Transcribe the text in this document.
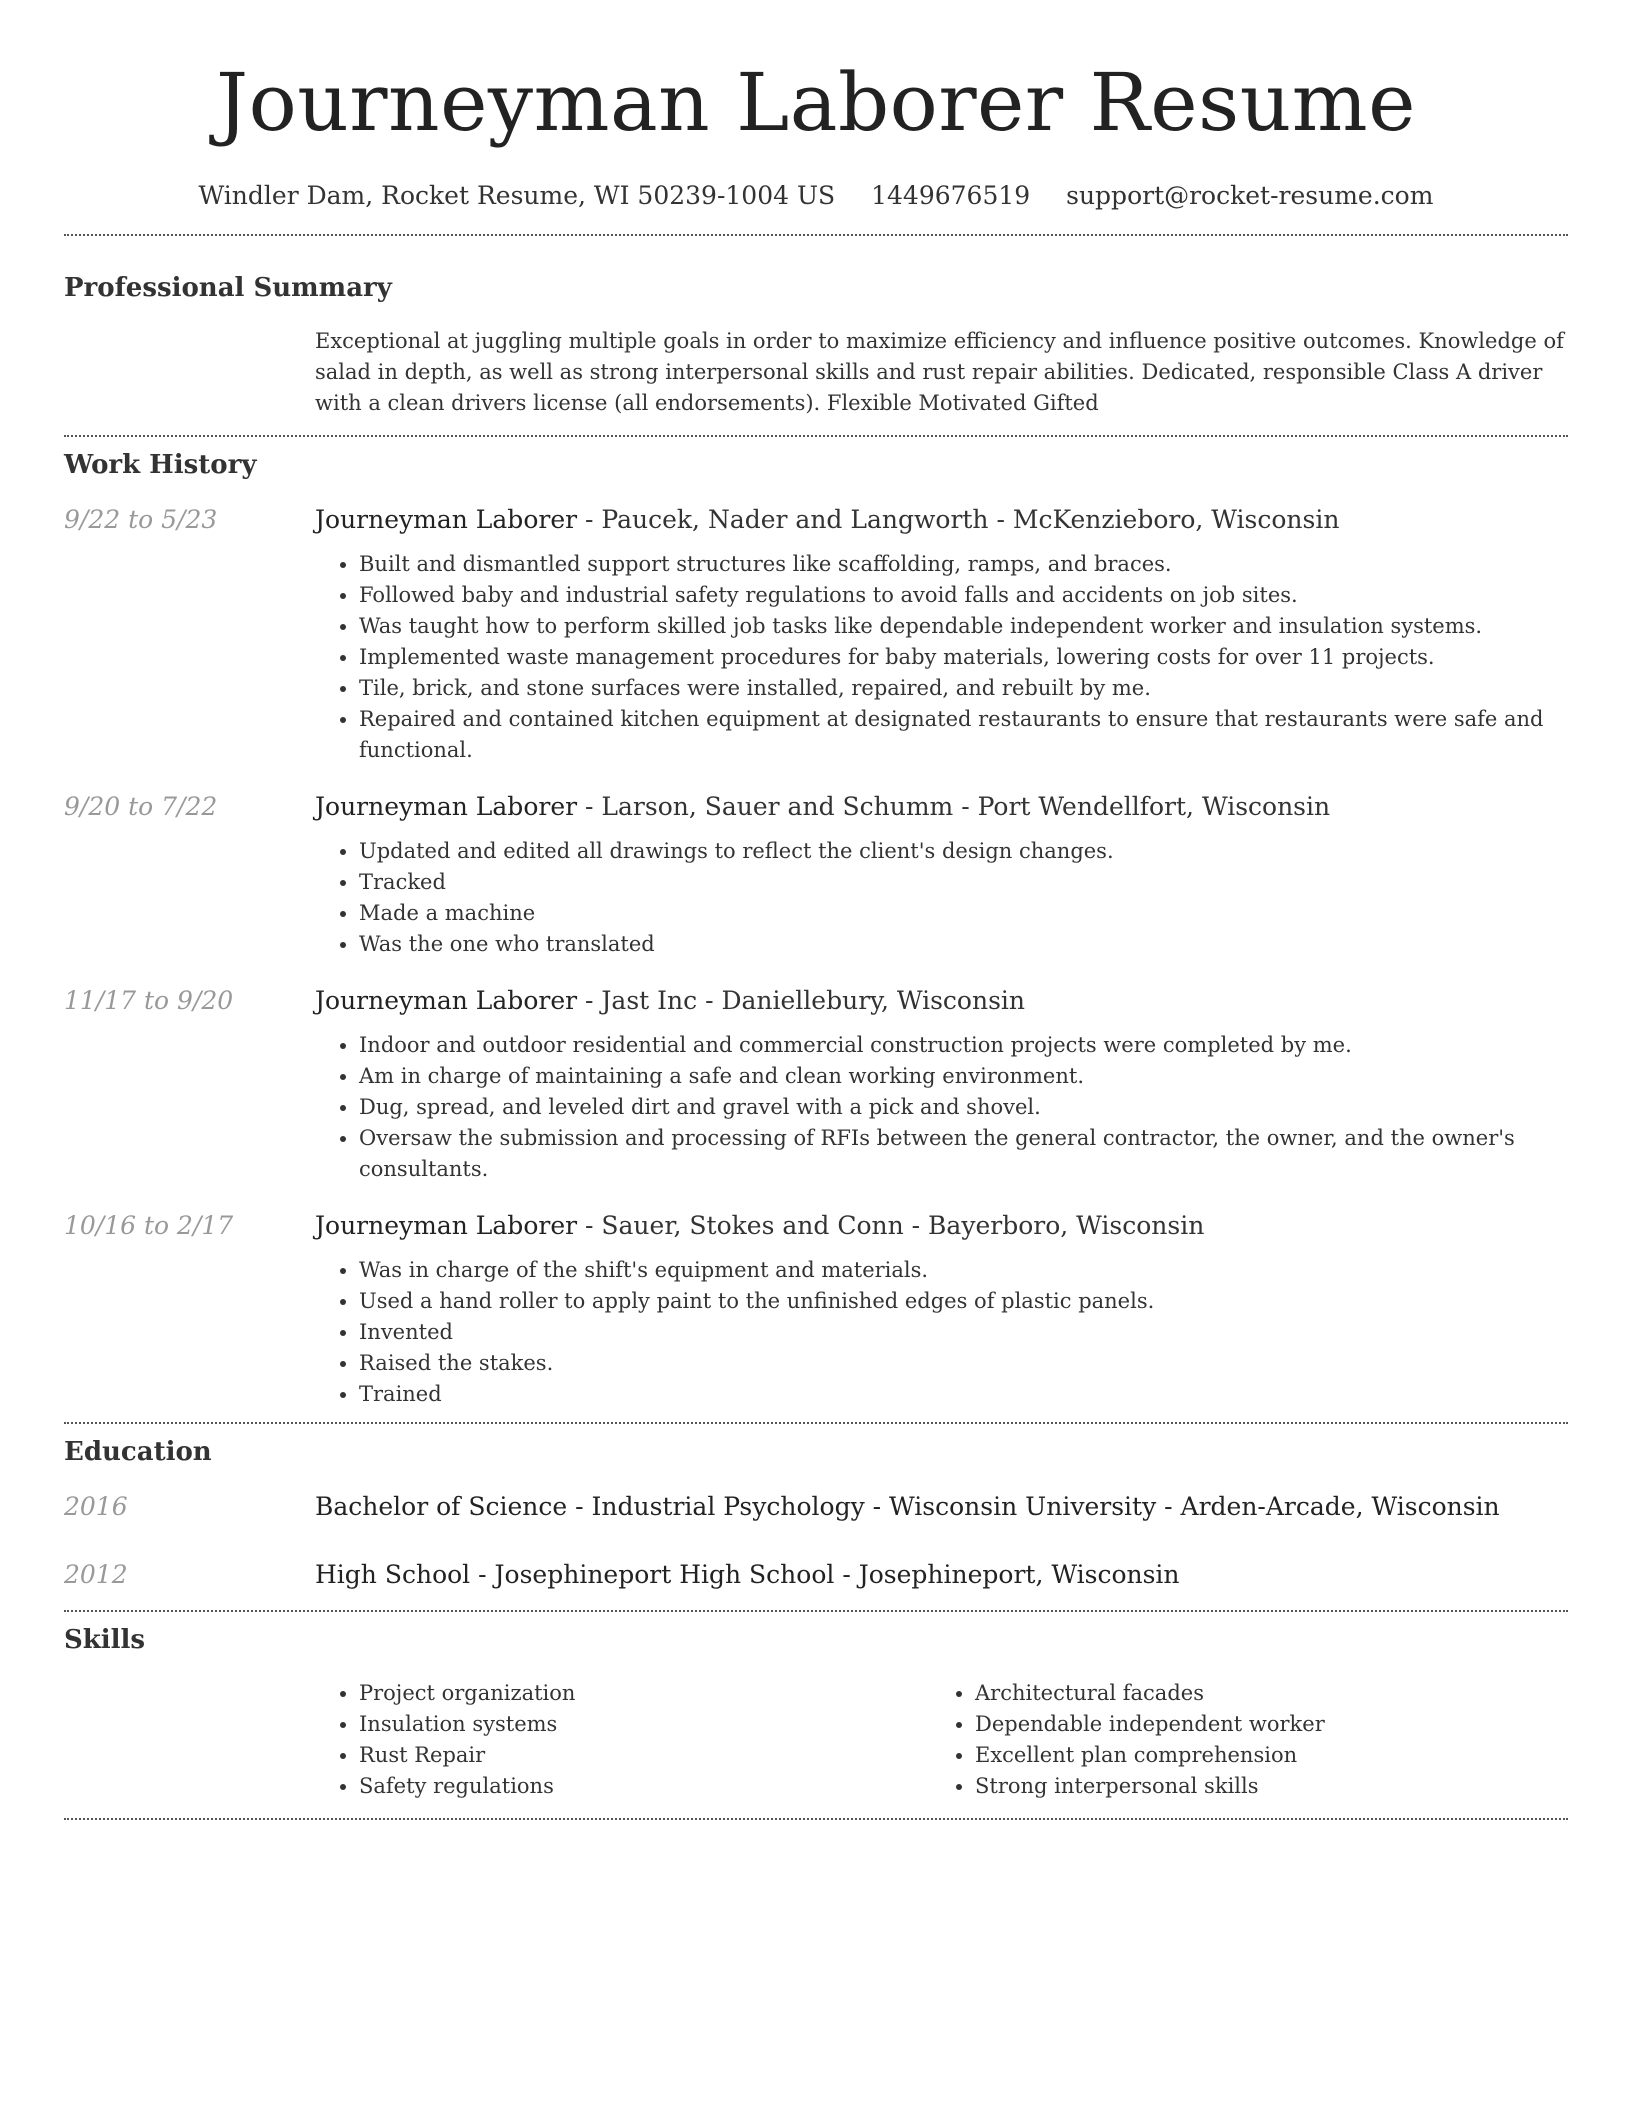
Journeyman Laborer Resume
Windler Dam, Rocket Resume, WI 50239-1004 US 1449676519 support@rocket-resume.com
Professional Summary

Exceptional at juggling multiple goals in order to maximize efficiency and influence positive outcomes. Knowledge of salad in depth, as well as strong interpersonal skills and rust repair abilities. Dedicated, responsible Class A driver with a clean drivers license (all endorsements). Flexible Motivated Gifted

Work History
9/22 to 5/23	Journeyman Laborer - Paucek, Nader and Langworth - McKenzieboro, Wisconsin
• Built and dismantled support structures like scaffolding, ramps, and braces.
• Followed baby and industrial safety regulations to avoid falls and accidents on job sites.
• Was taught how to perform skilled job tasks like dependable independent worker and insulation systems.
• Implemented waste management procedures for baby materials, lowering costs for over 11 projects.
• Tile, brick, and stone surfaces were installed, repaired, and rebuilt by me.
• Repaired and contained kitchen equipment at designated restaurants to ensure that restaurants were safe and functional.
9/20 to 7/22	Journeyman Laborer - Larson, Sauer and Schumm - Port Wendellfort, Wisconsin
• Updated and edited all drawings to reflect the client's design changes.
• Tracked
• Made a machine
• Was the one who translated
11/17 to 9/20	Journeyman Laborer - Jast Inc - Daniellebury, Wisconsin
• Indoor and outdoor residential and commercial construction projects were completed by me.
• Am in charge of maintaining a safe and clean working environment.
• Dug, spread, and leveled dirt and gravel with a pick and shovel.
• Oversaw the submission and processing of RFIs between the general contractor, the owner, and the owner's consultants.
10/16 to 2/17	Journeyman Laborer - Sauer, Stokes and Conn - Bayerboro, Wisconsin
• Was in charge of the shift's equipment and materials.
• Used a hand roller to apply paint to the unfinished edges of plastic panels.
• Invented
• Raised the stakes.
• Trained
Education
2016	Bachelor of Science - Industrial Psychology - Wisconsin University - Arden-Arcade, Wisconsin
2012	High School - Josephineport High School - Josephineport, Wisconsin
Skills
• Project organization
• Insulation systems
• Rust Repair
• Safety regulations
• Architectural facades
• Dependable independent worker
• Excellent plan comprehension
• Strong interpersonal skills
